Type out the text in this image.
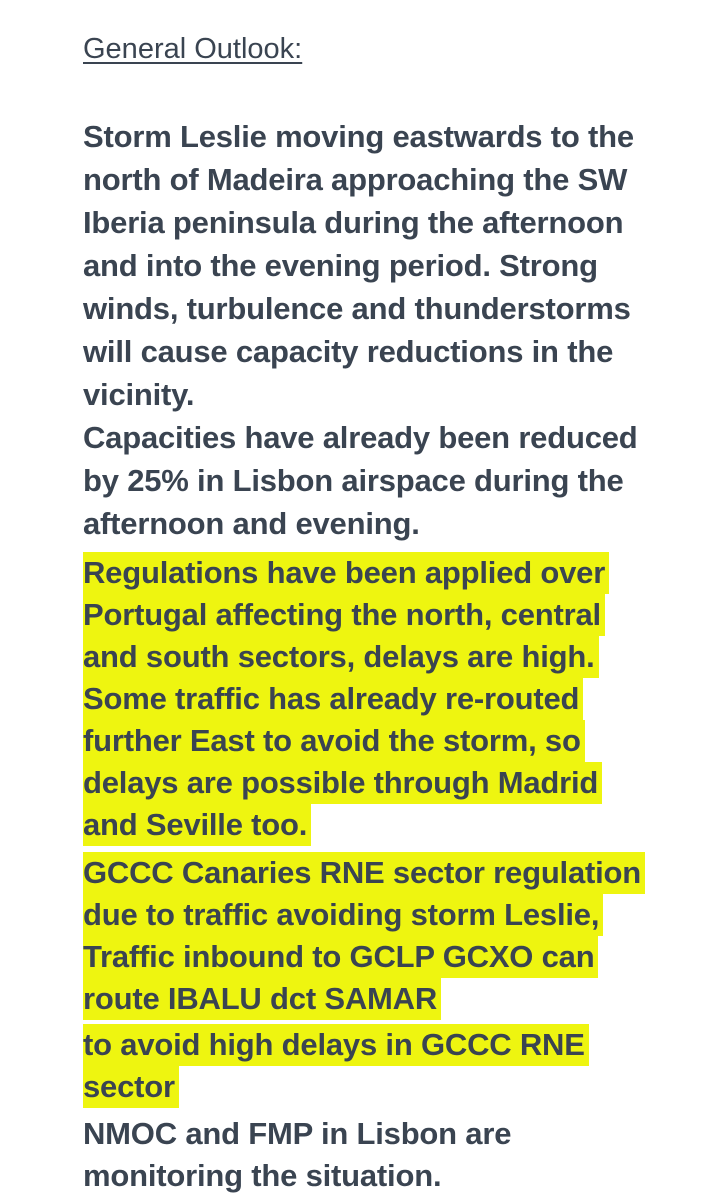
General Outlook:
Storm Leslie moving eastwards to the
north of Madeira approaching the SW
Iberia peninsula during the afternoon
and into the evening period. Strong
winds, turbulence and thunderstorms
will cause capacity reductions in the
vicinity.
Capacities have already been reduced
by 25% in Lisbon airspace during the
afternoon and evening.
Regulations have been applied over
Portugal affecting the north, central
and south sectors, delays are high.
Some traffic has already re-routed
further East to avoid the storm, so
delays are possible through Madrid
and Seville too.
GCCC Canaries RNE sector regulation
due to traffic avoiding storm Leslie,
Traffic inbound to GCLP GCXO can
route IBALU dct SAMAR
to avoid high delays in GCCC RNE
sector
NMOC and FMP in Lisbon are
monitoring the situation.
